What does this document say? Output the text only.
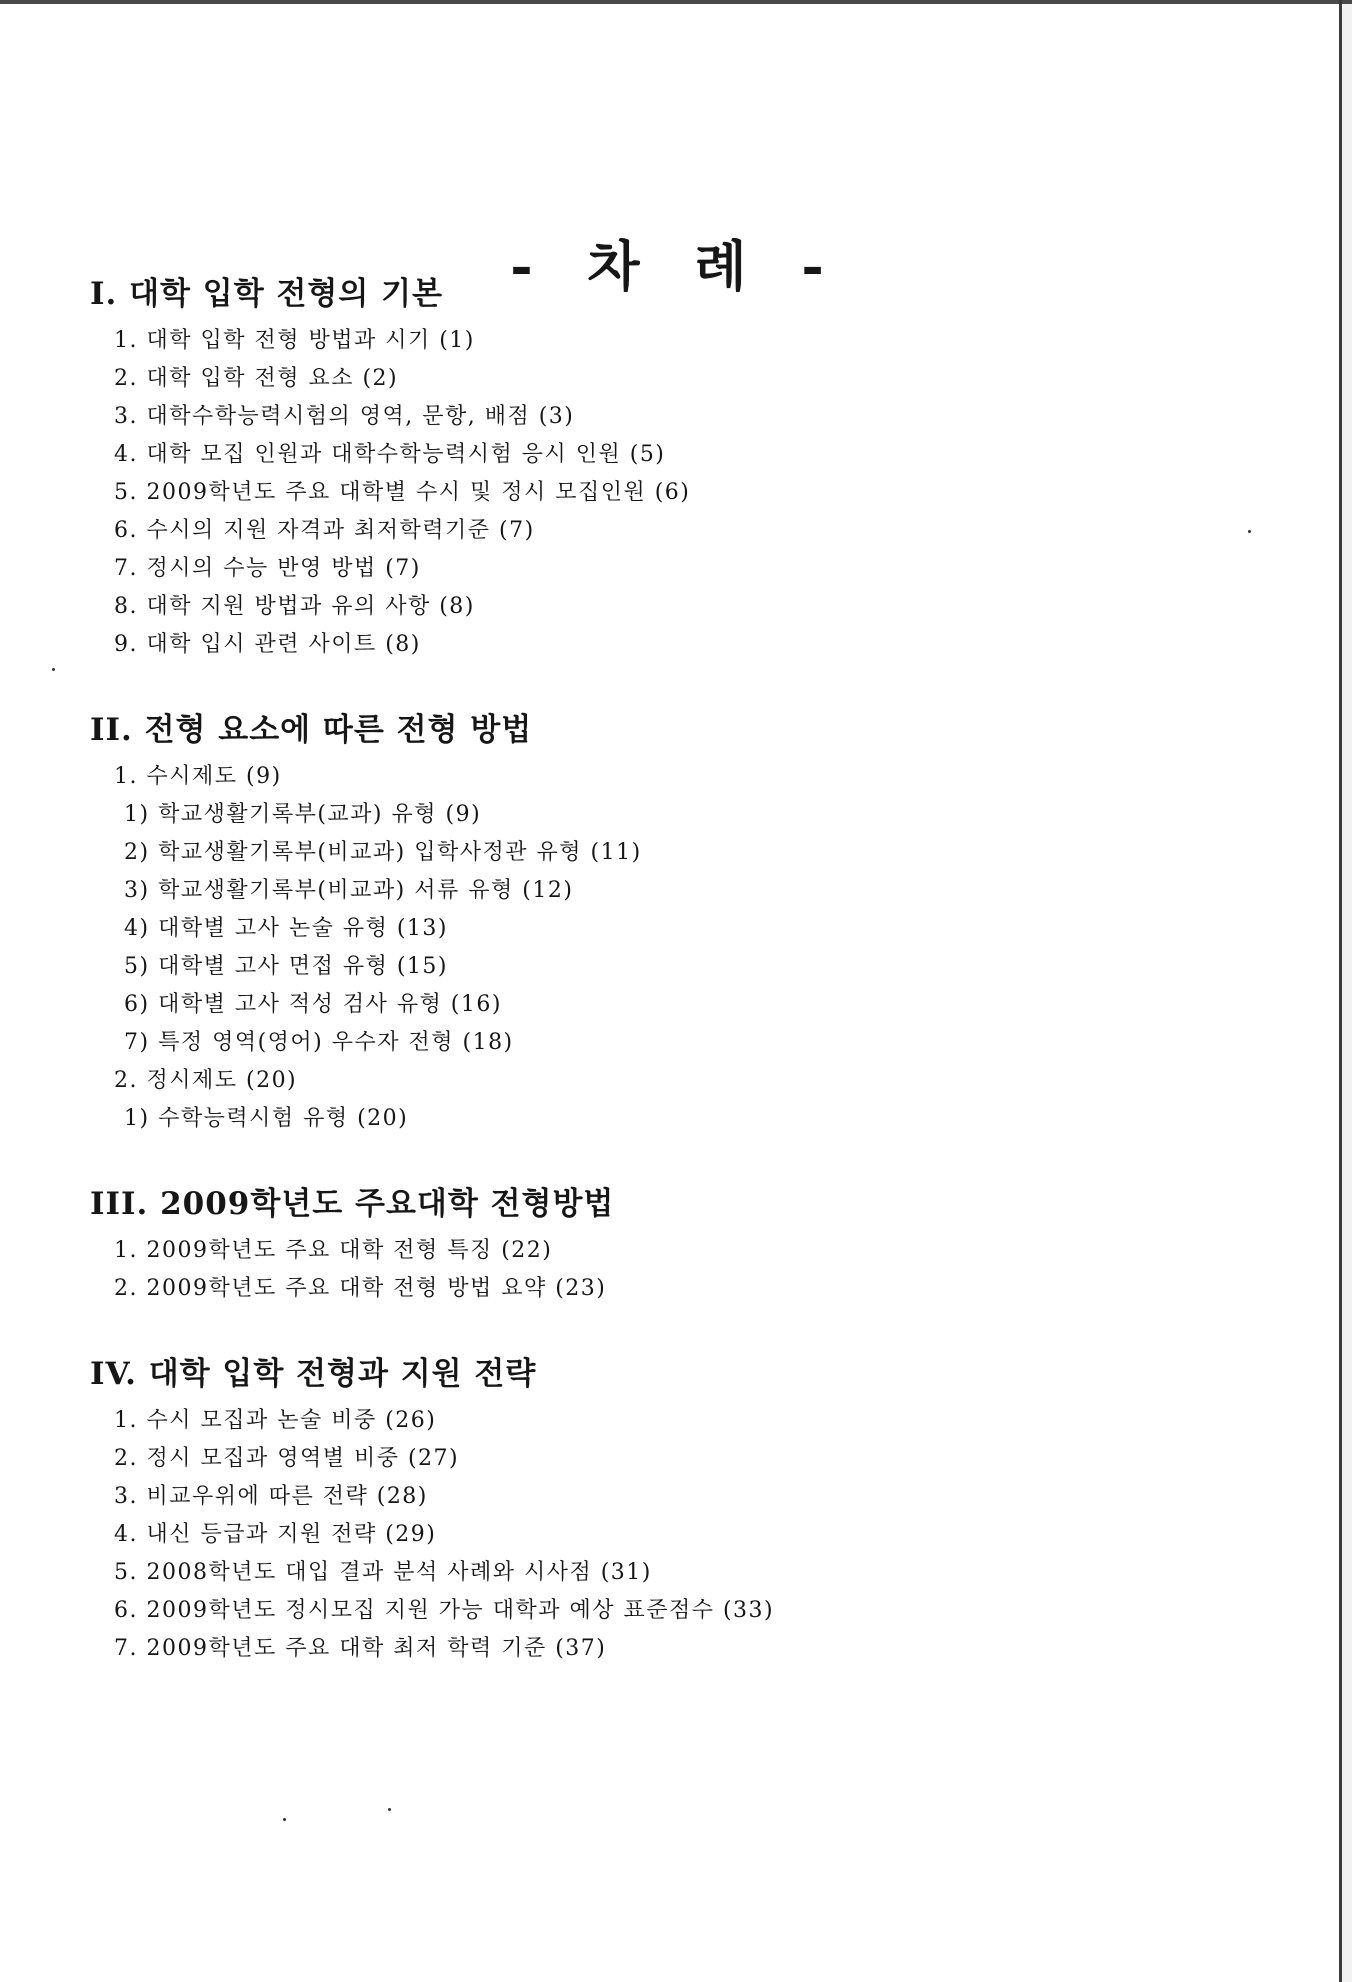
- 차 례 -
I. 대학 입학 전형의 기본
1. 대학 입학 전형 방법과 시기 (1)
2. 대학 입학 전형 요소 (2)
3. 대학수학능력시험의 영역, 문항, 배점 (3)
4. 대학 모집 인원과 대학수학능력시험 응시 인원 (5)
5. 2009학년도 주요 대학별 수시 및 정시 모집인원 (6)
6. 수시의 지원 자격과 최저학력기준 (7)
7. 정시의 수능 반영 방법 (7)
8. 대학 지원 방법과 유의 사항 (8)
9. 대학 입시 관련 사이트 (8)
II. 전형 요소에 따른 전형 방법
1. 수시제도 (9)
1) 학교생활기록부(교과) 유형 (9)
2) 학교생활기록부(비교과) 입학사정관 유형 (11)
3) 학교생활기록부(비교과) 서류 유형 (12)
4) 대학별 고사 논술 유형 (13)
5) 대학별 고사 면접 유형 (15)
6) 대학별 고사 적성 검사 유형 (16)
7) 특정 영역(영어) 우수자 전형 (18)
2. 정시제도 (20)
1) 수학능력시험 유형 (20)
III. 2009학년도 주요대학 전형방법
1. 2009학년도 주요 대학 전형 특징 (22)
2. 2009학년도 주요 대학 전형 방법 요약 (23)
IV. 대학 입학 전형과 지원 전략
1. 수시 모집과 논술 비중 (26)
2. 정시 모집과 영역별 비중 (27)
3. 비교우위에 따른 전략 (28)
4. 내신 등급과 지원 전략 (29)
5. 2008학년도 대입 결과 분석 사례와 시사점 (31)
6. 2009학년도 정시모집 지원 가능 대학과 예상 표준점수 (33)
7. 2009학년도 주요 대학 최저 학력 기준 (37)
